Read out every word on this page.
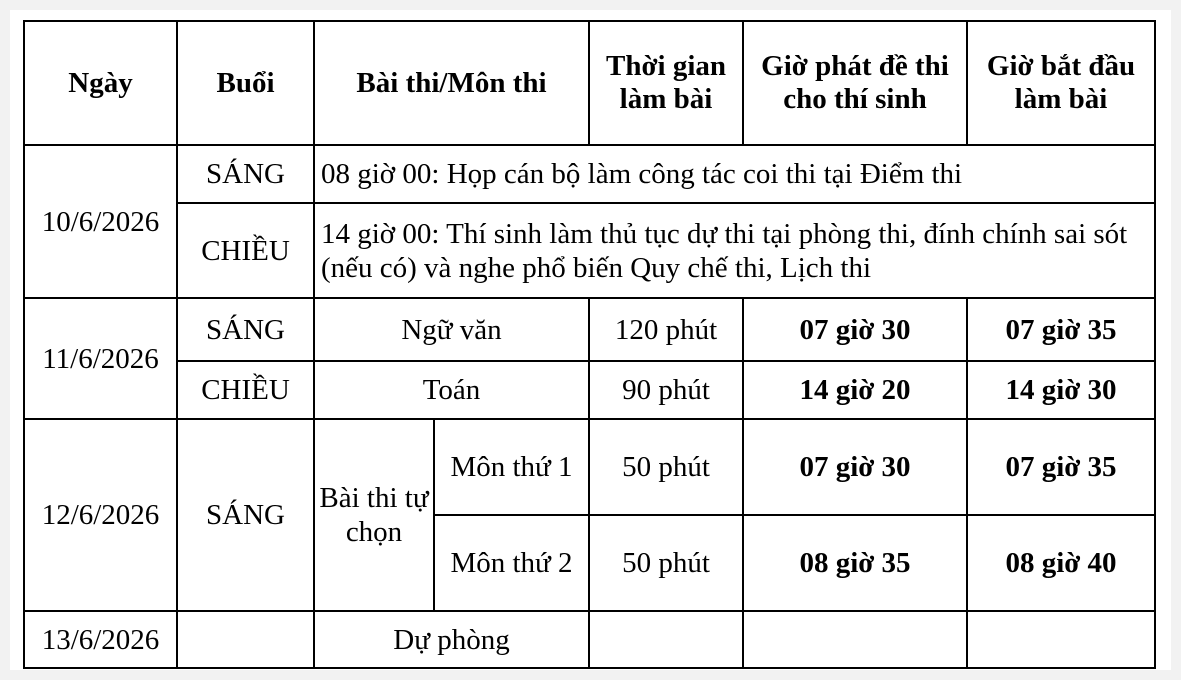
Ngày	Buổi	Bài thi/Môn thi		Thời gian làm bài	Giờ phát đề thi cho thí sinh	Giờ bắt đầu làm bài
10/6/2026	SÁNG	08 giờ 00: Họp cán bộ làm công tác coi thi tại Điểm thi				
	CHIỀU	14 giờ 00: Thí sinh làm thủ tục dự thi tại phòng thi, đính chính sai sót (nếu có) và nghe phổ biến Quy chế thi, Lịch thi				
11/6/2026	SÁNG	Ngữ văn		120 phút	07 giờ 30	07 giờ 35
	CHIỀU	Toán		90 phút	14 giờ 20	14 giờ 30
12/6/2026	SÁNG	Bài thi tự chọn	Môn thứ 1	50 phút	07 giờ 30	07 giờ 35
			Môn thứ 2	50 phút	08 giờ 35	08 giờ 40
13/6/2026		Dự phòng				
